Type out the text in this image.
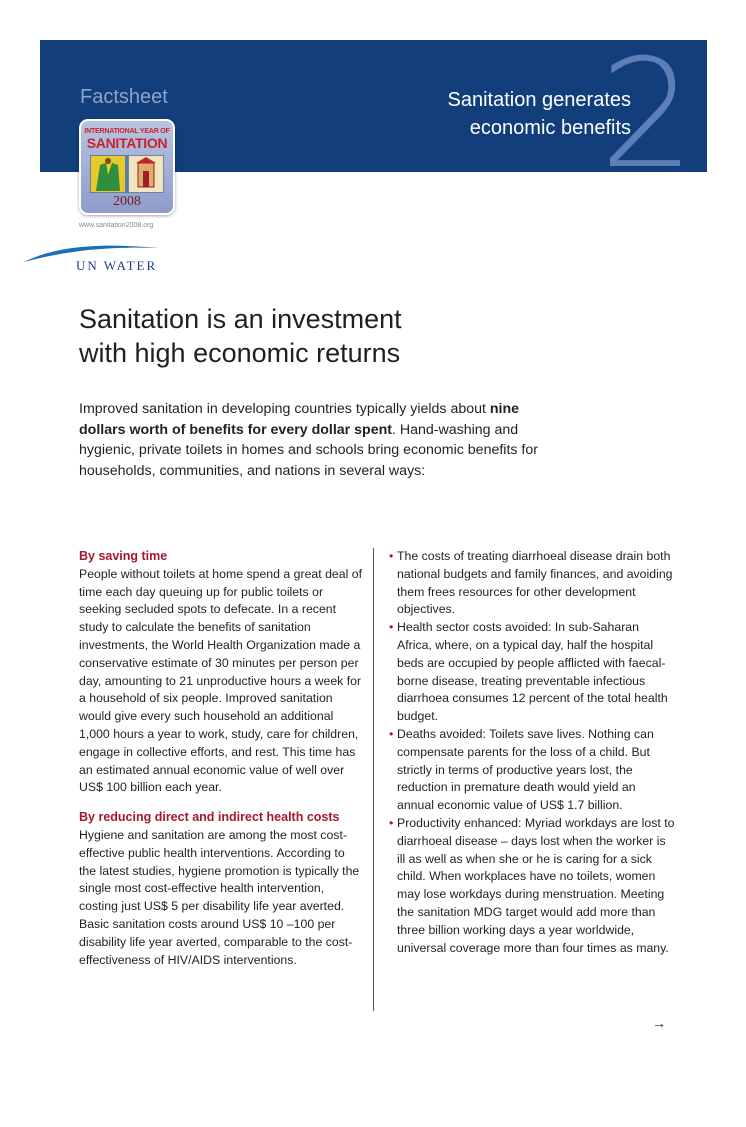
2
Factsheet	Sanitation generates
economic benefits
INTERNATIONAL YEAR OF
SANITATION
2008
www.sanitation2008.org
UN WATER
Sanitation is an investment
with high economic returns

Improved sanitation in developing countries typically yields about nine dollars worth of benefits for every dollar spent. Hand-washing and hygienic, private toilets in homes and schools bring economic benefits for households, communities, and nations in several ways:

By saving time

People without toilets at home spend a great deal of time each day queuing up for public toilets or seeking secluded spots to defecate. In a recent study to calculate the benefits of sanitation investments, the World Health Organization made a conservative estimate of 30 minutes per person per day, amounting to 21 unproductive hours a week for a household of six people. Improved sanitation would give every such household an additional 1,000 hours a year to work, study, care for children, engage in collective efforts, and rest. This time has an estimated annual economic value of well over US$ 100 billion each year.

By reducing direct and indirect health costs

Hygiene and sanitation are among the most cost-effective public health interventions. According to the latest studies, hygiene promotion is typically the single most cost-effective health intervention, costing just US$ 5 per disability life year averted. Basic sanitation costs around US$ 10 –100 per disability life year averted, comparable to the cost-effectiveness of HIV/AIDS interventions.

• The costs of treating diarrhoeal disease drain both national budgets and family finances, and avoiding them frees resources for other development objectives.
• Health sector costs avoided: In sub-Saharan Africa, where, on a typical day, half the hospital beds are occupied by people afflicted with faecal-borne disease, treating preventable infectious diarrhoea consumes 12 percent of the total health budget.
• Deaths avoided: Toilets save lives. Nothing can compensate parents for the loss of a child. But strictly in terms of productive years lost, the reduction in premature death would yield an annual economic value of US$ 1.7 billion.
• Productivity enhanced: Myriad workdays are lost to diarrhoeal disease – days lost when the worker is ill as well as when she or he is caring for a sick child. When workplaces have no toilets, women may lose workdays during menstruation. Meeting the sanitation MDG target would add more than three billion working days a year worldwide, universal coverage more than four times as many.
→
